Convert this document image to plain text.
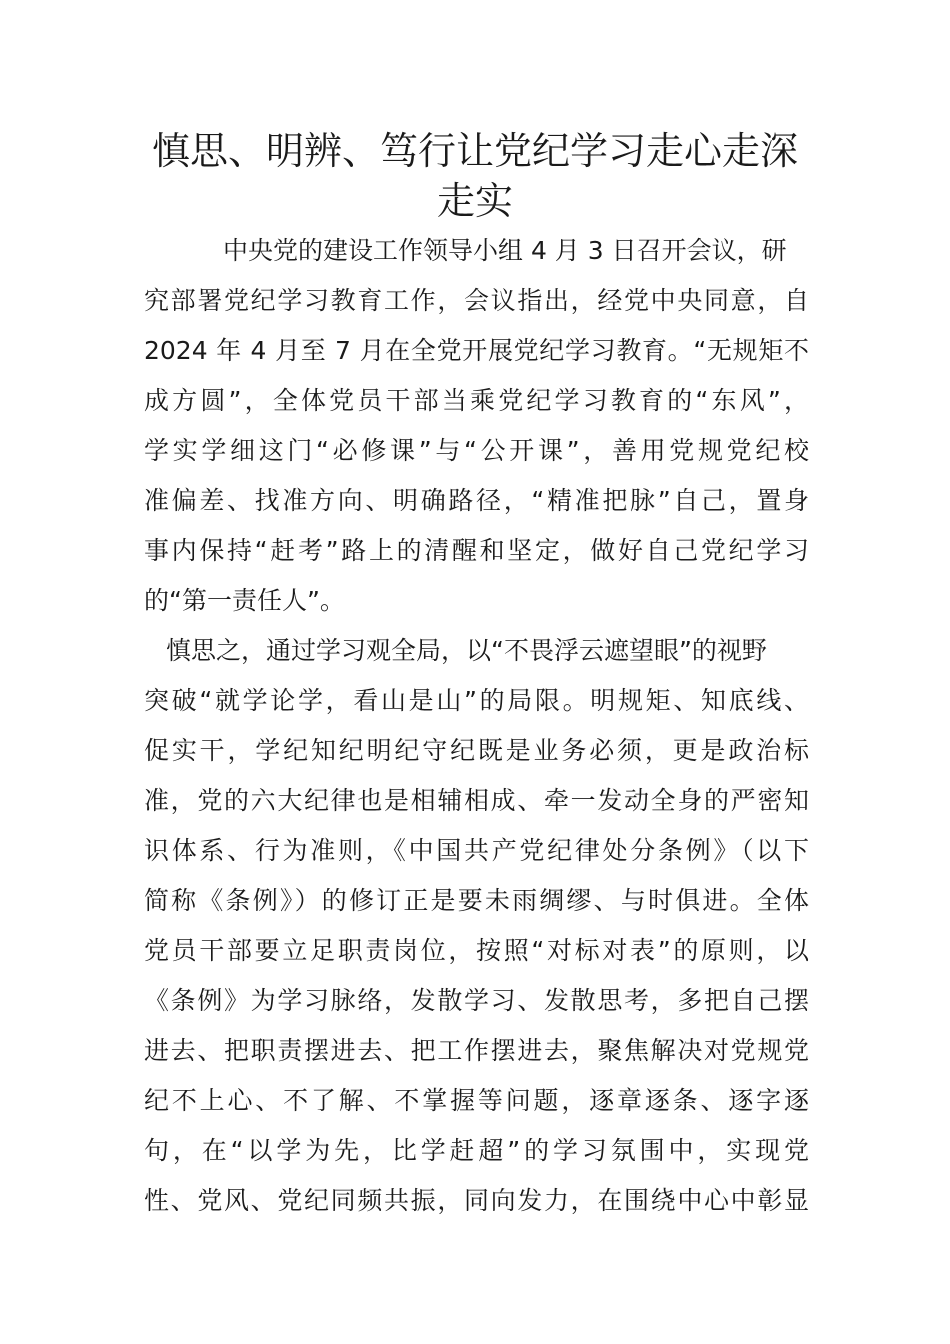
慎思、明辨、笃行让党纪学习走心走深走实
中央党的建设工作领导小组 4 月 3 日召开会议，研
究部署党纪学习教育工作，会议指出，经党中央同意，自
2024 年 4 月至 7 月在全党开展党纪学习教育。“无规矩不
成方圆”，全体党员干部当乘党纪学习教育的“东风”，
学实学细这门“必修课”与“公开课”，善用党规党纪校
准偏差、找准方向、明确路径，“精准把脉”自己，置身
事内保持“赶考”路上的清醒和坚定，做好自己党纪学习
的“第一责任人”。
慎思之，通过学习观全局，以“不畏浮云遮望眼”的视野
突破“就学论学，看山是山”的局限。明规矩、知底线、
促实干，学纪知纪明纪守纪既是业务必须，更是政治标
准，党的六大纪律也是相辅相成、牵一发动全身的严密知
识体系、行为准则，《中国共产党纪律处分条例》（以下
简称《条例》）的修订正是要未雨绸缪、与时俱进。全体
党员干部要立足职责岗位，按照“对标对表”的原则，以
《条例》为学习脉络，发散学习、发散思考，多把自己摆
进去、把职责摆进去、把工作摆进去，聚焦解决对党规党
纪不上心、不了解、不掌握等问题，逐章逐条、逐字逐
句，在“以学为先，比学赶超”的学习氛围中，实现党
性、党风、党纪同频共振，同向发力，在围绕中心中彰显
